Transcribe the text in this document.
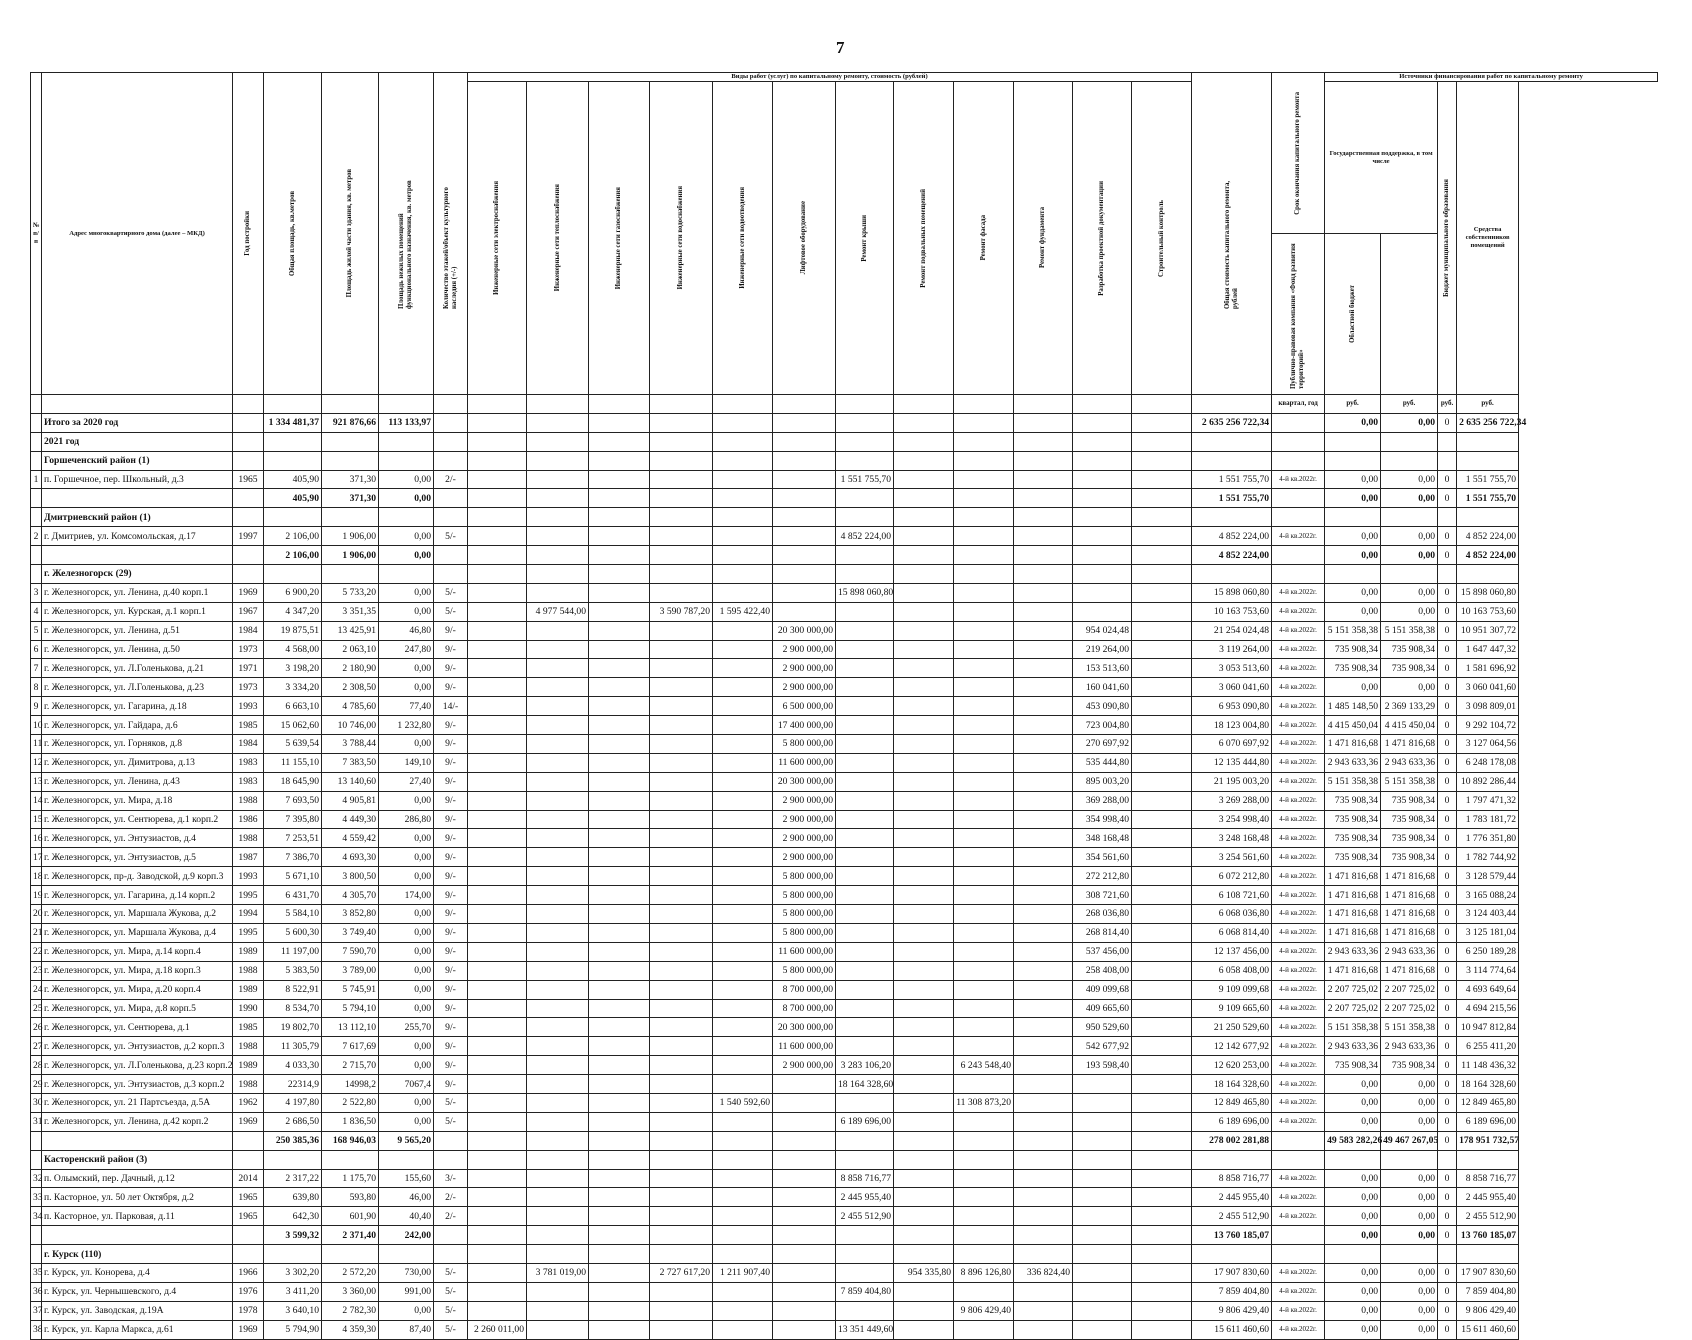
7
№ п/п	Адрес многоквартирного дома (далее – МКД)	Год постройки	Общая площадь, кв.метров	Площадь жилой части здания, кв. метров	Площадь нежилых помещений функционального назначения, кв. метров	Количество этажей/объект культурного наследия (+/-)	Виды работ (услуг) по капитальному ремонту, стоимость (рублей)												Общая стоимость капитального ремонта, рублей	Срок окончания капитального ремонта	Источники финансирования работ по капитальному ремонту			

							Инженерные сети электроснабжения	Инженерные сети теплоснабжения	Инженерные сети газоснабжения	Инженерные сети водоснабжения	Инженерные сети водоотведения	Лифтовое оборудование	Ремонт крыши	Ремонт подвальных помещений	Ремонт фасада	Ремонт фундамента	Разработка проектной документации	Строительный контроль			Государственная поддержка, в том числе		Бюджет муниципального образования	Средства собственников помещений

																				Публично-правовая компания «Фонд развития территорий»	Областной бюджет			

																				квартал, год	руб.	руб.	руб.	руб.
	Итого за 2020 год		1 334 481,37	921 876,66	113 133,97														2 635 256 722,34		0,00	0,00	0	2 635 256 722,34
	2021 год																							
	Горшеченский район (1)																							
1	п. Горшечное, пер. Школьный, д.3	1965	405,90	371,30	0,00	2/-							1 551 755,70						1 551 755,70	4-й кв.2022г.	0,00	0,00	0	1 551 755,70
			405,90	371,30	0,00														1 551 755,70		0,00	0,00	0	1 551 755,70
	Дмитриевский район (1)																							
2	г. Дмитриев, ул. Комсомольская, д.17	1997	2 106,00	1 906,00	0,00	5/-							4 852 224,00						4 852 224,00	4-й кв.2022г.	0,00	0,00	0	4 852 224,00
			2 106,00	1 906,00	0,00														4 852 224,00		0,00	0,00	0	4 852 224,00
	г. Железногорск (29)																							
3	г. Железногорск, ул. Ленина, д.40 корп.1	1969	6 900,20	5 733,20	0,00	5/-							15 898 060,80						15 898 060,80	4-й кв.2022г.	0,00	0,00	0	15 898 060,80
4	г. Железногорск, ул. Курская, д.1 корп.1	1967	4 347,20	3 351,35	0,00	5/-		4 977 544,00		3 590 787,20	1 595 422,40								10 163 753,60	4-й кв.2022г.	0,00	0,00	0	10 163 753,60
5	г. Железногорск, ул. Ленина, д.51	1984	19 875,51	13 425,91	46,80	9/-						20 300 000,00					954 024,48		21 254 024,48	4-й кв.2022г.	5 151 358,38	5 151 358,38	0	10 951 307,72
6	г. Железногорск, ул. Ленина, д.50	1973	4 568,00	2 063,10	247,80	9/-						2 900 000,00					219 264,00		3 119 264,00	4-й кв.2022г.	735 908,34	735 908,34	0	1 647 447,32
7	г. Железногорск, ул. Л.Голенькова, д.21	1971	3 198,20	2 180,90	0,00	9/-						2 900 000,00					153 513,60		3 053 513,60	4-й кв.2022г.	735 908,34	735 908,34	0	1 581 696,92
8	г. Железногорск, ул. Л.Голенькова, д.23	1973	3 334,20	2 308,50	0,00	9/-						2 900 000,00					160 041,60		3 060 041,60	4-й кв.2022г.	0,00	0,00	0	3 060 041,60
9	г. Железногорск, ул. Гагарина, д.18	1993	6 663,10	4 785,60	77,40	14/-						6 500 000,00					453 090,80		6 953 090,80	4-й кв.2022г.	1 485 148,50	2 369 133,29	0	3 098 809,01
10	г. Железногорск, ул. Гайдара, д.6	1985	15 062,60	10 746,00	1 232,80	9/-						17 400 000,00					723 004,80		18 123 004,80	4-й кв.2022г.	4 415 450,04	4 415 450,04	0	9 292 104,72
11	г. Железногорск, ул. Горняков, д.8	1984	5 639,54	3 788,44	0,00	9/-						5 800 000,00					270 697,92		6 070 697,92	4-й кв.2022г.	1 471 816,68	1 471 816,68	0	3 127 064,56
12	г. Железногорск, ул. Димитрова, д.13	1983	11 155,10	7 383,50	149,10	9/-						11 600 000,00					535 444,80		12 135 444,80	4-й кв.2022г.	2 943 633,36	2 943 633,36	0	6 248 178,08
13	г. Железногорск, ул. Ленина, д.43	1983	18 645,90	13 140,60	27,40	9/-						20 300 000,00					895 003,20		21 195 003,20	4-й кв.2022г.	5 151 358,38	5 151 358,38	0	10 892 286,44
14	г. Железногорск, ул. Мира, д.18	1988	7 693,50	4 905,81	0,00	9/-						2 900 000,00					369 288,00		3 269 288,00	4-й кв.2022г.	735 908,34	735 908,34	0	1 797 471,32
15	г. Железногорск, ул. Сентюрева, д.1 корп.2	1986	7 395,80	4 449,30	286,80	9/-						2 900 000,00					354 998,40		3 254 998,40	4-й кв.2022г.	735 908,34	735 908,34	0	1 783 181,72
16	г. Железногорск, ул. Энтузиастов, д.4	1988	7 253,51	4 559,42	0,00	9/-						2 900 000,00					348 168,48		3 248 168,48	4-й кв.2022г.	735 908,34	735 908,34	0	1 776 351,80
17	г. Железногорск, ул. Энтузиастов, д.5	1987	7 386,70	4 693,30	0,00	9/-						2 900 000,00					354 561,60		3 254 561,60	4-й кв.2022г.	735 908,34	735 908,34	0	1 782 744,92
18	г. Железногорск, пр-д. Заводской, д.9 корп.3	1993	5 671,10	3 800,50	0,00	9/-						5 800 000,00					272 212,80		6 072 212,80	4-й кв.2022г.	1 471 816,68	1 471 816,68	0	3 128 579,44
19	г. Железногорск, ул. Гагарина, д.14 корп.2	1995	6 431,70	4 305,70	174,00	9/-						5 800 000,00					308 721,60		6 108 721,60	4-й кв.2022г.	1 471 816,68	1 471 816,68	0	3 165 088,24
20	г. Железногорск, ул. Маршала Жукова, д.2	1994	5 584,10	3 852,80	0,00	9/-						5 800 000,00					268 036,80		6 068 036,80	4-й кв.2022г.	1 471 816,68	1 471 816,68	0	3 124 403,44
21	г. Железногорск, ул. Маршала Жукова, д.4	1995	5 600,30	3 749,40	0,00	9/-						5 800 000,00					268 814,40		6 068 814,40	4-й кв.2022г.	1 471 816,68	1 471 816,68	0	3 125 181,04
22	г. Железногорск, ул. Мира, д.14 корп.4	1989	11 197,00	7 590,70	0,00	9/-						11 600 000,00					537 456,00		12 137 456,00	4-й кв.2022г.	2 943 633,36	2 943 633,36	0	6 250 189,28
23	г. Железногорск, ул. Мира, д.18 корп.3	1988	5 383,50	3 789,00	0,00	9/-						5 800 000,00					258 408,00		6 058 408,00	4-й кв.2022г.	1 471 816,68	1 471 816,68	0	3 114 774,64
24	г. Железногорск, ул. Мира, д.20 корп.4	1989	8 522,91	5 745,91	0,00	9/-						8 700 000,00					409 099,68		9 109 099,68	4-й кв.2022г.	2 207 725,02	2 207 725,02	0	4 693 649,64
25	г. Железногорск, ул. Мира, д.8 корп.5	1990	8 534,70	5 794,10	0,00	9/-						8 700 000,00					409 665,60		9 109 665,60	4-й кв.2022г.	2 207 725,02	2 207 725,02	0	4 694 215,56
26	г. Железногорск, ул. Сентюрева, д.1	1985	19 802,70	13 112,10	255,70	9/-						20 300 000,00					950 529,60		21 250 529,60	4-й кв.2022г.	5 151 358,38	5 151 358,38	0	10 947 812,84
27	г. Железногорск, ул. Энтузиастов, д.2 корп.3	1988	11 305,79	7 617,69	0,00	9/-						11 600 000,00					542 677,92		12 142 677,92	4-й кв.2022г.	2 943 633,36	2 943 633,36	0	6 255 411,20
28	г. Железногорск, ул. Л.Голенькова, д.23 корп.2	1989	4 033,30	2 715,70	0,00	9/-						2 900 000,00	3 283 106,20		6 243 548,40		193 598,40		12 620 253,00	4-й кв.2022г.	735 908,34	735 908,34	0	11 148 436,32
29	г. Железногорск, ул. Энтузиастов, д.3 корп.2	1988	22314,9	14998,2	7067,4	9/-							18 164 328,60						18 164 328,60	4-й кв.2022г.	0,00	0,00	0	18 164 328,60
30	г. Железногорск, ул. 21 Партсъезда, д.5А	1962	4 197,80	2 522,80	0,00	5/-					1 540 592,60				11 308 873,20				12 849 465,80	4-й кв.2022г.	0,00	0,00	0	12 849 465,80
31	г. Железногорск, ул. Ленина, д.42 корп.2	1969	2 686,50	1 836,50	0,00	5/-							6 189 696,00						6 189 696,00	4-й кв.2022г.	0,00	0,00	0	6 189 696,00
			250 385,36	168 946,03	9 565,20														278 002 281,88		49 583 282,26	49 467 267,05	0	178 951 732,57
	Касторенский район (3)																							
32	п. Олымский, пер. Дачный, д.12	2014	2 317,22	1 175,70	155,60	3/-							8 858 716,77						8 858 716,77	4-й кв.2022г.	0,00	0,00	0	8 858 716,77
33	п. Касторное, ул. 50 лет Октября, д.2	1965	639,80	593,80	46,00	2/-							2 445 955,40						2 445 955,40	4-й кв.2022г.	0,00	0,00	0	2 445 955,40
34	п. Касторное, ул. Парковая, д.11	1965	642,30	601,90	40,40	2/-							2 455 512,90						2 455 512,90	4-й кв.2022г.	0,00	0,00	0	2 455 512,90
			3 599,32	2 371,40	242,00														13 760 185,07		0,00	0,00	0	13 760 185,07
	г. Курск (110)																							
35	г. Курск, ул. Конорева, д.4	1966	3 302,20	2 572,20	730,00	5/-		3 781 019,00		2 727 617,20	1 211 907,40			954 335,80	8 896 126,80	336 824,40			17 907 830,60	4-й кв.2022г.	0,00	0,00	0	17 907 830,60
36	г. Курск, ул. Чернышевского, д.4	1976	3 411,20	3 360,00	991,00	5/-							7 859 404,80						7 859 404,80	4-й кв.2022г.	0,00	0,00	0	7 859 404,80
37	г. Курск, ул. Заводская, д.19А	1978	3 640,10	2 782,30	0,00	5/-									9 806 429,40				9 806 429,40	4-й кв.2022г.	0,00	0,00	0	9 806 429,40
38	г. Курск, ул. Карла Маркса, д.61	1969	5 794,90	4 359,30	87,40	5/-	2 260 011,00						13 351 449,60						15 611 460,60	4-й кв.2022г.	0,00	0,00	0	15 611 460,60
